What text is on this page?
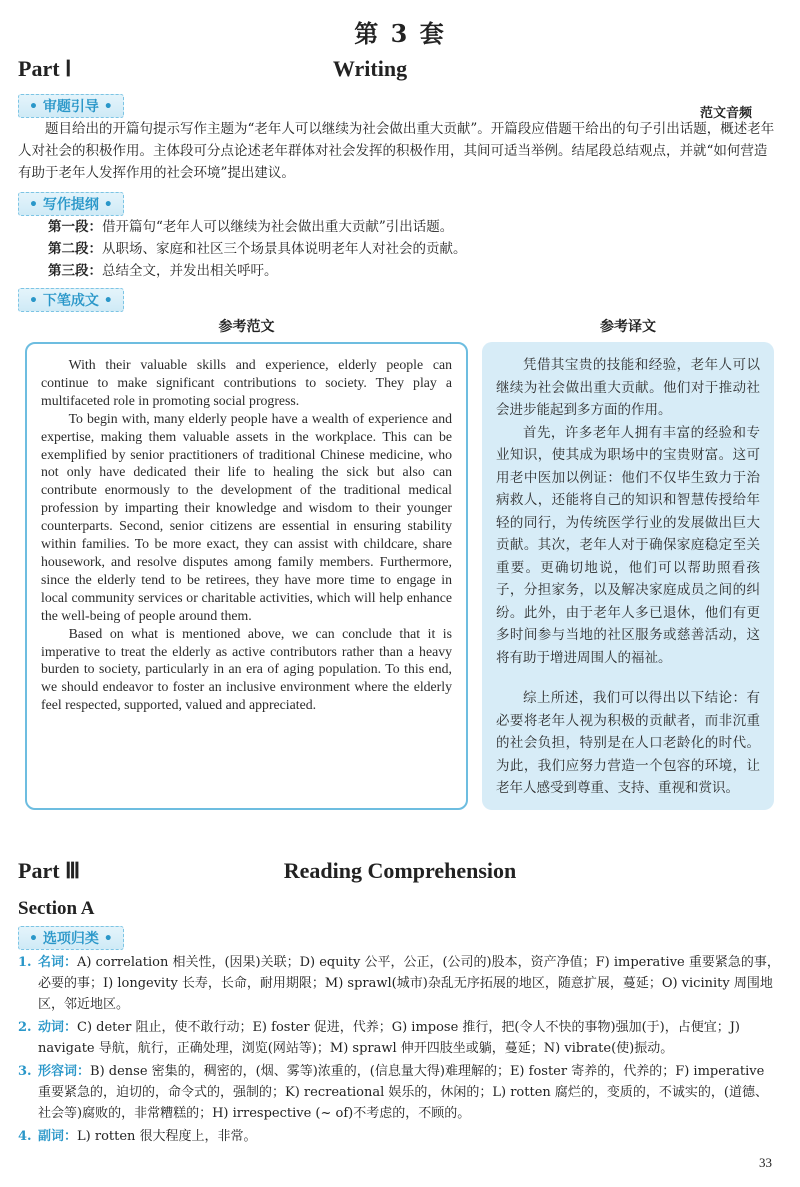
第 3 套
Part Ⅰ	Writing
• 审题引导 •	范文音频
题目给出的开篇句提示写作主题为“老年人可以继续为社会做出重大贡献”。开篇段应借题干给出的句子引出话题，概述老年人对社会的积极作用。主体段可分点论述老年群体对社会发挥的积极作用，其间可适当举例。结尾段总结观点，并就“如何营造有助于老年人发挥作用的社会环境”提出建议。
• 写作提纲 •
第一段：借开篇句“老年人可以继续为社会做出重大贡献”引出话题。
第二段：从职场、家庭和社区三个场景具体说明老年人对社会的贡献。
第三段：总结全文，并发出相关呼吁。
• 下笔成文 •
参考范文	参考译文

With their valuable skills and experience, elderly people can continue to make significant contributions to society. They play a multifaceted role in promoting social progress.

To begin with, many elderly people have a wealth of experience and expertise, making them valuable assets in the workplace. This can be exemplified by senior practitioners of traditional Chinese medicine, who not only have dedicated their life to healing the sick but also can contribute enormously to the development of the traditional medical profession by imparting their knowledge and wisdom to their younger counterparts. Second, senior citizens are essential in ensuring stability within families. To be more exact, they can assist with childcare, share housework, and resolve disputes among family members. Furthermore, since the elderly tend to be retirees, they have more time to engage in local community services or charitable activities, which will help enhance the well-being of people around them.

Based on what is mentioned above, we can conclude that it is imperative to treat the elderly as active contributors rather than a heavy burden to society, particularly in an era of aging population. To this end, we should endeavor to foster an inclusive environment where the elderly feel respected, supported, valued and appreciated.

凭借其宝贵的技能和经验，老年人可以继续为社会做出重大贡献。他们对于推动社会进步能起到多方面的作用。

首先，许多老年人拥有丰富的经验和专业知识，使其成为职场中的宝贵财富。这可用老中医加以例证：他们不仅毕生致力于治病救人，还能将自己的知识和智慧传授给年轻的同行，为传统医学行业的发展做出巨大贡献。其次，老年人对于确保家庭稳定至关重要。更确切地说，他们可以帮助照看孩子，分担家务，以及解决家庭成员之间的纠纷。此外，由于老年人多已退休，他们有更多时间参与当地的社区服务或慈善活动，这将有助于增进周围人的福祉。

综上所述，我们可以得出以下结论：有必要将老年人视为积极的贡献者，而非沉重的社会负担，特别是在人口老龄化的时代。为此，我们应努力营造一个包容的环境，让老年人感受到尊重、支持、重视和赏识。

Part Ⅲ	Reading Comprehension
Section A
• 选项归类 •
1. 名词：A) correlation 相关性，(因果)关联；D) equity 公平，公正，(公司的)股本，资产净值；F) imperative 重要紧急的事，必要的事；I) longevity 长寿，长命，耐用期限；M) sprawl(城市)杂乱无序拓展的地区，随意扩展，蔓延；O) vicinity 周围地区，邻近地区。
2. 动词：C) deter 阻止，使不敢行动；E) foster 促进，代养；G) impose 推行，把(令人不快的事物)强加(于)，占便宜；J) navigate 导航，航行，正确处理，浏览(网站等)；M) sprawl 伸开四肢坐或躺，蔓延；N) vibrate(使)振动。
3. 形容词：B) dense 密集的，稠密的，(烟、雾等)浓重的，(信息量大得)难理解的；E) foster 寄养的，代养的；F) imperative 重要紧急的，迫切的，命令式的，强制的；K) recreational 娱乐的，休闲的；L) rotten 腐烂的，变质的，不诚实的，(道德、社会等)腐败的，非常糟糕的；H) irrespective (~ of)不考虑的，不顾的。
4. 副词：L) rotten 很大程度上，非常。
33
